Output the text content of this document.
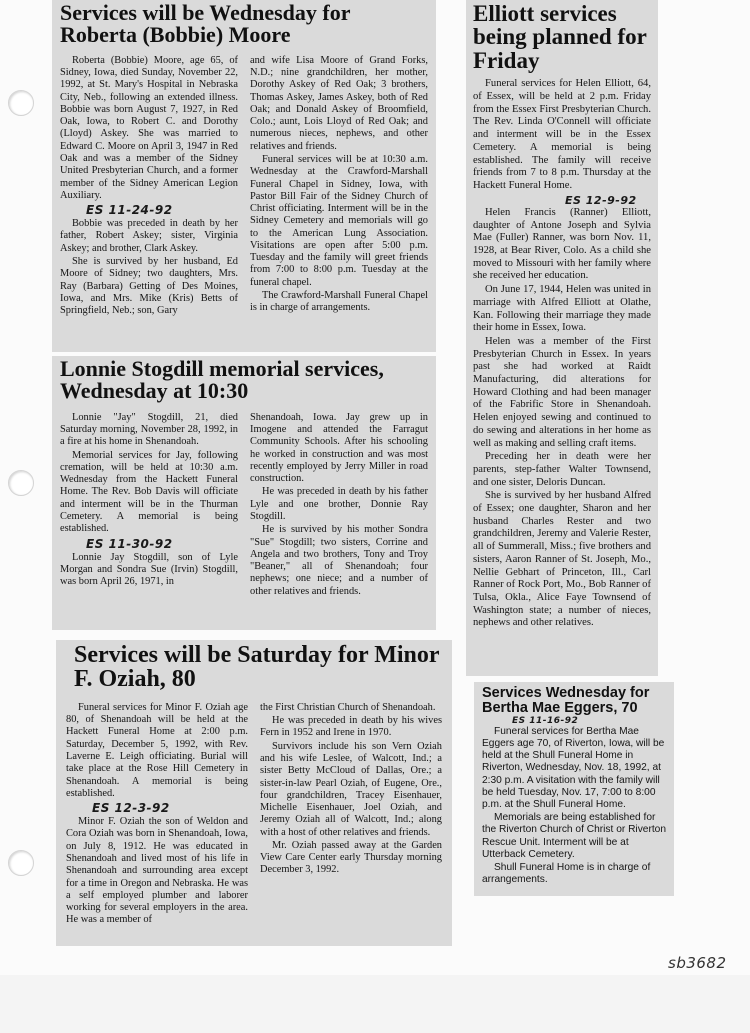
Services will be Wednesday for Roberta (Bobbie) Moore

Roberta (Bobbie) Moore, age 65, of Sidney, Iowa, died Sunday, November 22, 1992, at St. Mary's Hospital in Nebraska City, Neb., following an extended illness. Bobbie was born August 7, 1927, in Red Oak, Iowa, to Robert C. and Dorothy (Lloyd) Askey. She was married to Edward C. Moore on April 3, 1947 in Red Oak and was a member of the Sidney United Presbyterian Church, and a former member of the Sidney American Legion Auxiliary.

ES 11-24-92

Bobbie was preceded in death by her father, Robert Askey; sister, Virginia Askey; and brother, Clark Askey.

She is survived by her husband, Ed Moore of Sidney; two daughters, Mrs. Ray (Barbara) Getting of Des Moines, Iowa, and Mrs. Mike (Kris) Betts of Springfield, Neb.; son, Gary

and wife Lisa Moore of Grand Forks, N.D.; nine grandchildren, her mother, Dorothy Askey of Red Oak; 3 brothers, Thomas Askey, James Askey, both of Red Oak; and Donald Askey of Broomfield, Colo.; aunt, Lois Lloyd of Red Oak; and numerous nieces, nephews, and other relatives and friends.

Funeral services will be at 10:30 a.m. Wednesday at the Crawford-Marshall Funeral Chapel in Sidney, Iowa, with Pastor Bill Fair of the Sidney Church of Christ officiating. Interment will be in the Sidney Cemetery and memorials will go to the American Lung Association. Visitations are open after 5:00 p.m. Tuesday and the family will greet friends from 7:00 to 8:00 p.m. Tuesday at the funeral chapel.

The Crawford-Marshall Funeral Chapel is in charge of arrangements.

Lonnie Stogdill memorial services, Wednesday at 10:30

Lonnie "Jay" Stogdill, 21, died Saturday morning, November 28, 1992, in a fire at his home in Shenandoah.

Memorial services for Jay, following cremation, will be held at 10:30 a.m. Wednesday from the Hackett Funeral Home. The Rev. Bob Davis will officiate and interment will be in the Thurman Cemetery. A memorial is being established.

ES 11-30-92

Lonnie Jay Stogdill, son of Lyle Morgan and Sondra Sue (Irvin) Stogdill, was born April 26, 1971, in

Shenandoah, Iowa. Jay grew up in Imogene and attended the Farragut Community Schools. After his schooling he worked in construction and was most recently employed by Jerry Miller in road construction.

He was preceded in death by his father Lyle and one brother, Donnie Ray Stogdill.

He is survived by his mother Sondra "Sue" Stogdill; two sisters, Corrine and Angela and two brothers, Tony and Troy "Beaner," all of Shenandoah; four nephews; one niece; and a number of other relatives and friends.

Services will be Saturday for Minor F. Oziah, 80

Funeral services for Minor F. Oziah age 80, of Shenandoah will be held at the Hackett Funeral Home at 2:00 p.m. Saturday, December 5, 1992, with Rev. Laverne E. Leigh officiating. Burial will take place at the Rose Hill Cemetery in Shenandoah. A memorial is being established.

ES 12-3-92

Minor F. Oziah the son of Weldon and Cora Oziah was born in Shenandoah, Iowa, on July 8, 1912. He was educated in Shenandoah and lived most of his life in Shenandoah and surrounding area except for a time in Oregon and Nebraska. He was a self employed plumber and laborer working for several employers in the area. He was a member of

the First Christian Church of Shenandoah.

He was preceded in death by his wives Fern in 1952 and Irene in 1970.

Survivors include his son Vern Oziah and his wife Leslee, of Walcott, Ind.; a sister Betty McCloud of Dallas, Ore.; a sister-in-law Pearl Oziah, of Eugene, Ore., four grandchildren, Tracey Eisenhauer, Michelle Eisenhauer, Joel Oziah, and Jeremy Oziah all of Walcott, Ind.; along with a host of other relatives and friends.

Mr. Oziah passed away at the Garden View Care Center early Thursday morning December 3, 1992.

Elliott services being planned for Friday

Funeral services for Helen Elliott, 64, of Essex, will be held at 2 p.m. Friday from the Essex First Presbyterian Church. The Rev. Linda O'Connell will officiate and interment will be in the Essex Cemetery. A memorial is being established. The family will receive friends from 7 to 8 p.m. Thursday at the Hackett Funeral Home.

ES 12-9-92

Helen Francis (Ranner) Elliott, daughter of Antone Joseph and Sylvia Mae (Fuller) Ranner, was born Nov. 11, 1928, at Bear River, Colo. As a child she moved to Missouri with her family where she received her education.

On June 17, 1944, Helen was united in marriage with Alfred Elliott at Olathe, Kan. Following their marriage they made their home in Essex, Iowa.

Helen was a member of the First Presbyterian Church in Essex. In years past she had worked at Raidt Manufacturing, did alterations for Howard Clothing and had been manager of the Fabrific Store in Shenandoah. Helen enjoyed sewing and continued to do sewing and alterations in her home as well as making and selling craft items.

Preceding her in death were her parents, step-father Walter Townsend, and one sister, Deloris Duncan.

She is survived by her husband Alfred of Essex; one daughter, Sharon and her husband Charles Rester and two grandchildren, Jeremy and Valerie Rester, all of Summerall, Miss.; five brothers and sisters, Aaron Ranner of St. Joseph, Mo., Nellie Gebhart of Princeton, Ill., Carl Ranner of Rock Port, Mo., Bob Ranner of Tulsa, Okla., Alice Faye Townsend of Washington state; a number of nieces, nephews and other relatives.

Services Wednesday for Bertha Mae Eggers, 70
ES 11-16-92

Funeral services for Bertha Mae Eggers age 70, of Riverton, Iowa, will be held at the Shull Funeral Home in Riverton, Wednesday, Nov. 18, 1992, at 2:30 p.m. A visitation with the family will be held Tuesday, Nov. 17, 7:00 to 8:00 p.m. at the Shull Funeral Home.

Memorials are being established for the Riverton Church of Christ or Riverton Rescue Unit. Interment will be at Utterback Cemetery.

Shull Funeral Home is in charge of arrangements.

sb3682
